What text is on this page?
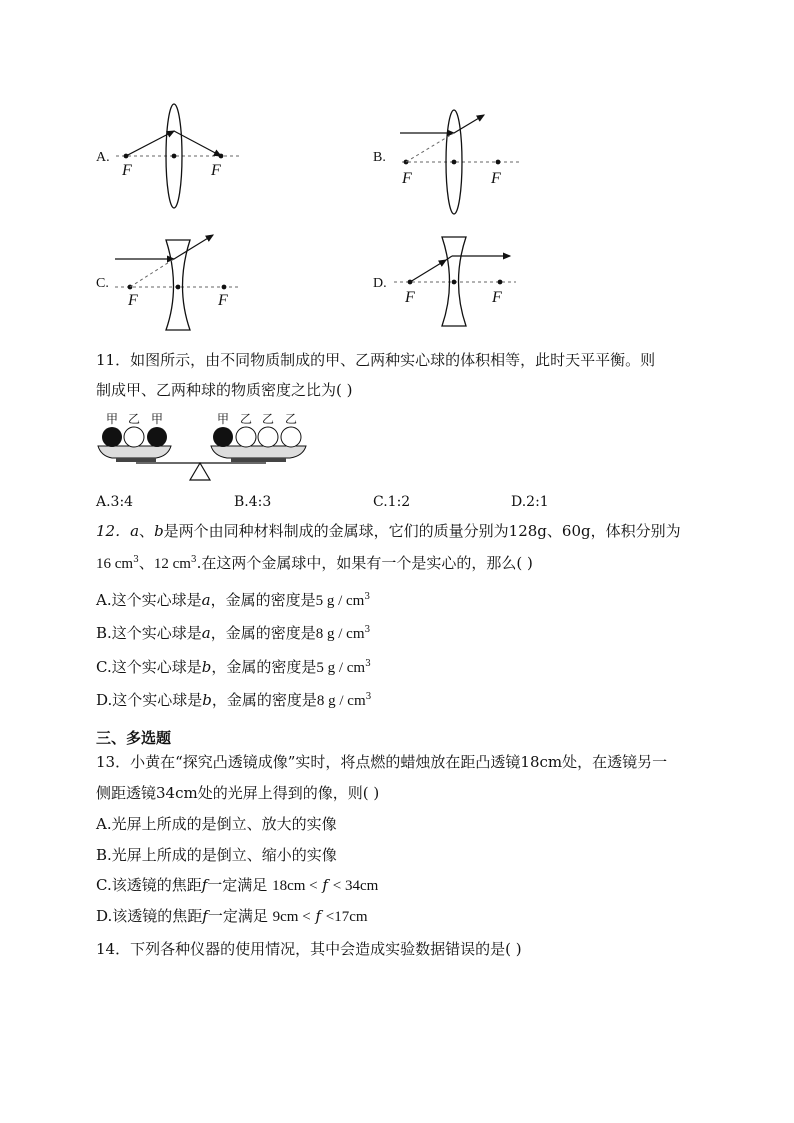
A.
F	F
B.
F	F
C.
F	F
D.
F	F
11．如图所示，由不同物质制成的甲、乙两种实心球的体积相等，此时天平平衡。则
制成甲、乙两种球的物质密度之比为( )
甲 乙 甲	甲 乙 乙 乙
A.3:4	B.4:3	C.1:2	D.2:1
12．a、b是两个由同种材料制成的金属球，它们的质量分别为128g、60g，体积分别为
16 $cm^3$、12 $cm^3$.在这两个金属球中，如果有一个是实心的，那么( )
A.这个实心球是a，金属的密度是5 g / $cm^3$
B.这个实心球是a，金属的密度是8 g / $cm^3$
C.这个实心球是b，金属的密度是5 g / $cm^3$
D.这个实心球是b，金属的密度是8 g / $cm^3$
三、多选题
13．小黄在“探究凸透镜成像”实时，将点燃的蜡烛放在距凸透镜18cm处，在透镜另一
侧距透镜34cm处的光屏上得到的像，则( )
A.光屏上所成的是倒立、放大的实像
B.光屏上所成的是倒立、缩小的实像
C.该透镜的焦距f一定满足 18cm < f < 34cm
D.该透镜的焦距f一定满足 9cm < f <17cm
14．下列各种仪器的使用情况，其中会造成实验数据错误的是( )
